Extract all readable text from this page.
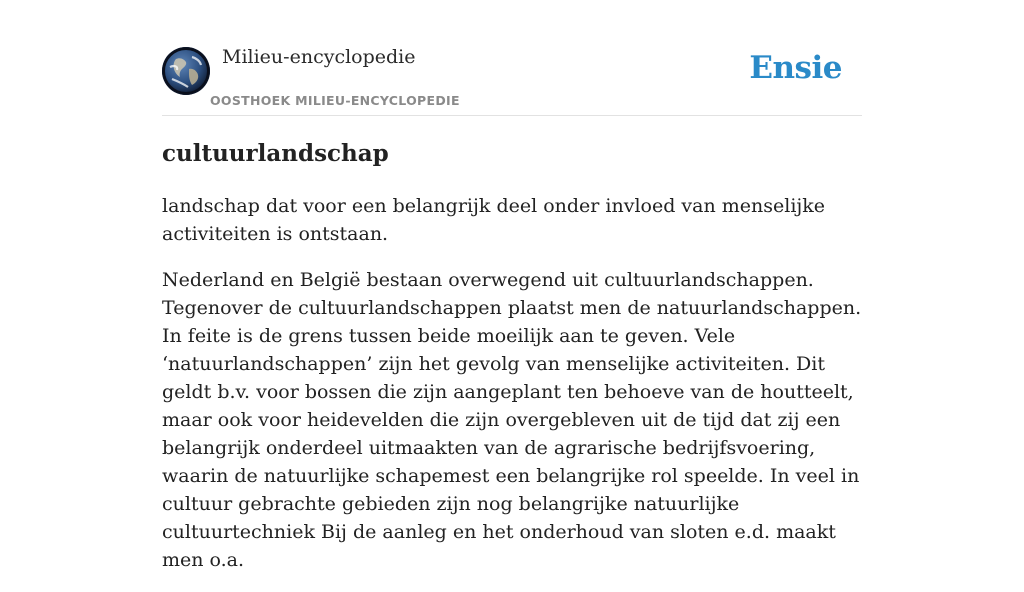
Milieu-encyclopedie
OOSTHOEK MILIEU-ENCYCLOPEDIE
Ensie
cultuurlandschap

landschap dat voor een belangrijk deel onder invloed van menselijke activiteiten is ontstaan.

Nederland en België bestaan overwegend uit cultuurlandschappen. Tegenover de cultuurlandschappen plaatst men de natuurlandschappen. In feite is de grens tussen beide moeilijk aan te geven. Vele ‘natuurlandschappen’ zijn het gevolg van menselijke activiteiten. Dit geldt b.v. voor bossen die zijn aangeplant ten behoeve van de houtteelt, maar ook voor heidevelden die zijn overgebleven uit de tijd dat zij een belangrijk onderdeel uitmaakten van de agrarische bedrijfsvoering, waarin de natuurlijke schapemest een belangrijke rol speelde. In veel in cultuur gebrachte gebieden zijn nog belangrijke natuurlijke cultuurtechniek Bij de aanleg en het onderhoud van sloten e.d. maakt men o.a.
